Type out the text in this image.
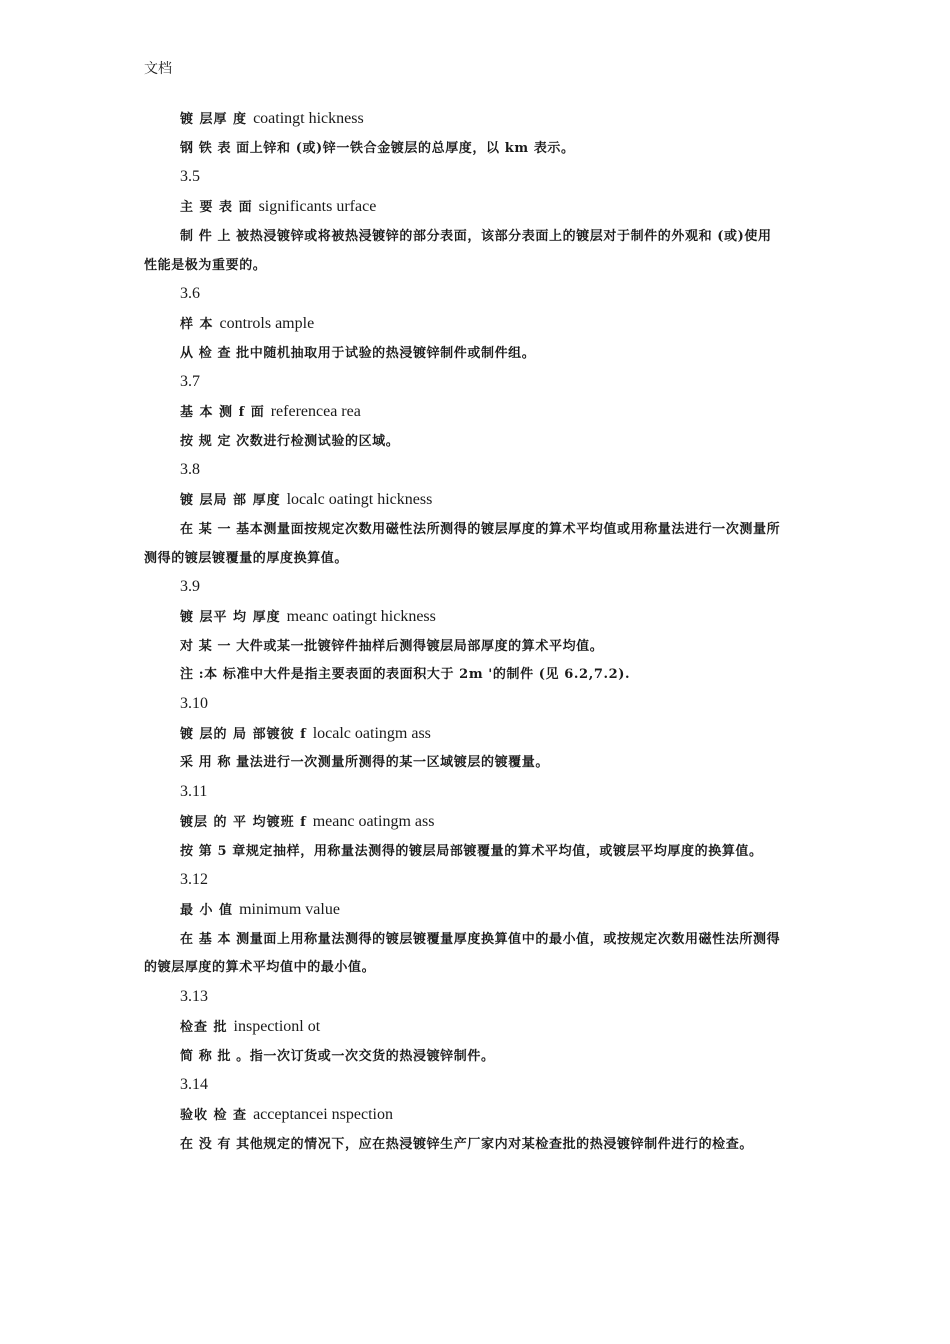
文档
镀 层厚 度 coatingt hickness
钢 铁 表 面上锌和 (或)锌一铁合金镀层的总厚度，以 km 表示。
3.5
主 要 表 面 significants urface
制 件 上 被热浸镀锌或将被热浸镀锌的部分表面，该部分表面上的镀层对于制件的外观和 (或)使用性能是极为重要的。
3.6
样 本 controls ample
从 检 查 批中随机抽取用于试验的热浸镀锌制件或制件组。
3.7
基 本 测 f 面 referencea rea
按 规 定 次数进行检测试验的区域。
3.8
镀 层局 部 厚度 localc oatingt hickness
在 某 一 基本测量面按规定次数用磁性法所测得的镀层厚度的算术平均值或用称量法进行一次测量所测得的镀层镀覆量的厚度换算值。
3.9
镀 层平 均 厚度 meanc oatingt hickness
对 某 一 大件或某一批镀锌件抽样后测得镀层局部厚度的算术平均值。
注 :本 标准中大件是指主要表面的表面积大于 2m '的制件 (见 6.2,7.2).
3.10
镀 层的 局 部镀彼 f localc oatingm ass
采 用 称 量法进行一次测量所测得的某一区域镀层的镀覆量。
3.11
镀层 的 平 均镀班 f meanc oatingm ass
按 第 5 章规定抽样，用称量法测得的镀层局部镀覆量的算术平均值，或镀层平均厚度的换算值。
3.12
最 小 值 minimum value
在 基 本 测量面上用称量法测得的镀层镀覆量厚度换算值中的最小值，或按规定次数用磁性法所测得的镀层厚度的算术平均值中的最小值。
3.13
检查 批 inspectionl ot
简 称 批 。指一次订货或一次交货的热浸镀锌制件。
3.14
验收 检 查 acceptancei nspection
在 没 有 其他规定的情况下，应在热浸镀锌生产厂家内对某检查批的热浸镀锌制件进行的检查。
